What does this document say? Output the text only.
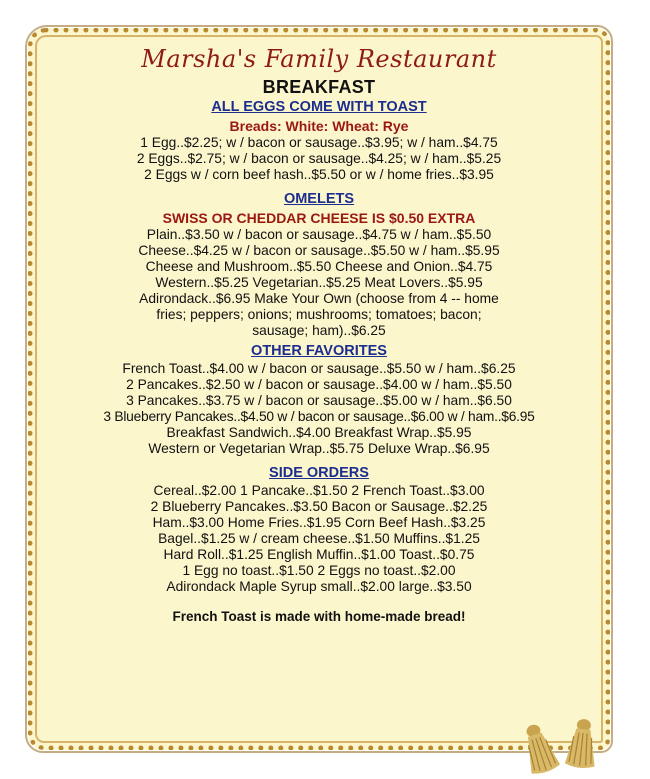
Marsha's Family Restaurant
BREAKFAST
ALL EGGS COME WITH TOAST
Breads: White: Wheat: Rye
1 Egg..$2.25; w / bacon or sausage..$3.95; w / ham..$4.75
2 Eggs..$2.75; w / bacon or sausage..$4.25; w / ham..$5.25
2 Eggs w / corn beef hash..$5.50 or w / home fries..$3.95
OMELETS
SWISS OR CHEDDAR CHEESE IS $0.50 EXTRA
Plain..$3.50 w / bacon or sausage..$4.75 w / ham..$5.50
Cheese..$4.25 w / bacon or sausage..$5.50 w / ham..$5.95
Cheese and Mushroom..$5.50 Cheese and Onion..$4.75
Western..$5.25 Vegetarian..$5.25 Meat Lovers..$5.95
Adirondack..$6.95 Make Your Own (choose from 4 -- home
fries; peppers; onions; mushrooms; tomatoes; bacon;
sausage; ham)..$6.25
OTHER FAVORITES
French Toast..$4.00 w / bacon or sausage..$5.50 w / ham..$6.25
2 Pancakes..$2.50 w / bacon or sausage..$4.00 w / ham..$5.50
3 Pancakes..$3.75 w / bacon or sausage..$5.00 w / ham..$6.50
3 Blueberry Pancakes..$4.50 w / bacon or sausage..$6.00 w / ham..$6.95
Breakfast Sandwich..$4.00 Breakfast Wrap..$5.95
Western or Vegetarian Wrap..$5.75 Deluxe Wrap..$6.95
SIDE ORDERS
Cereal..$2.00 1 Pancake..$1.50 2 French Toast..$3.00
2 Blueberry Pancakes..$3.50 Bacon or Sausage..$2.25
Ham..$3.00 Home Fries..$1.95 Corn Beef Hash..$3.25
Bagel..$1.25 w / cream cheese..$1.50 Muffins..$1.25
Hard Roll..$1.25 English Muffin..$1.00 Toast..$0.75
1 Egg no toast..$1.50 2 Eggs no toast..$2.00
Adirondack Maple Syrup small..$2.00 large..$3.50
French Toast is made with home-made bread!
